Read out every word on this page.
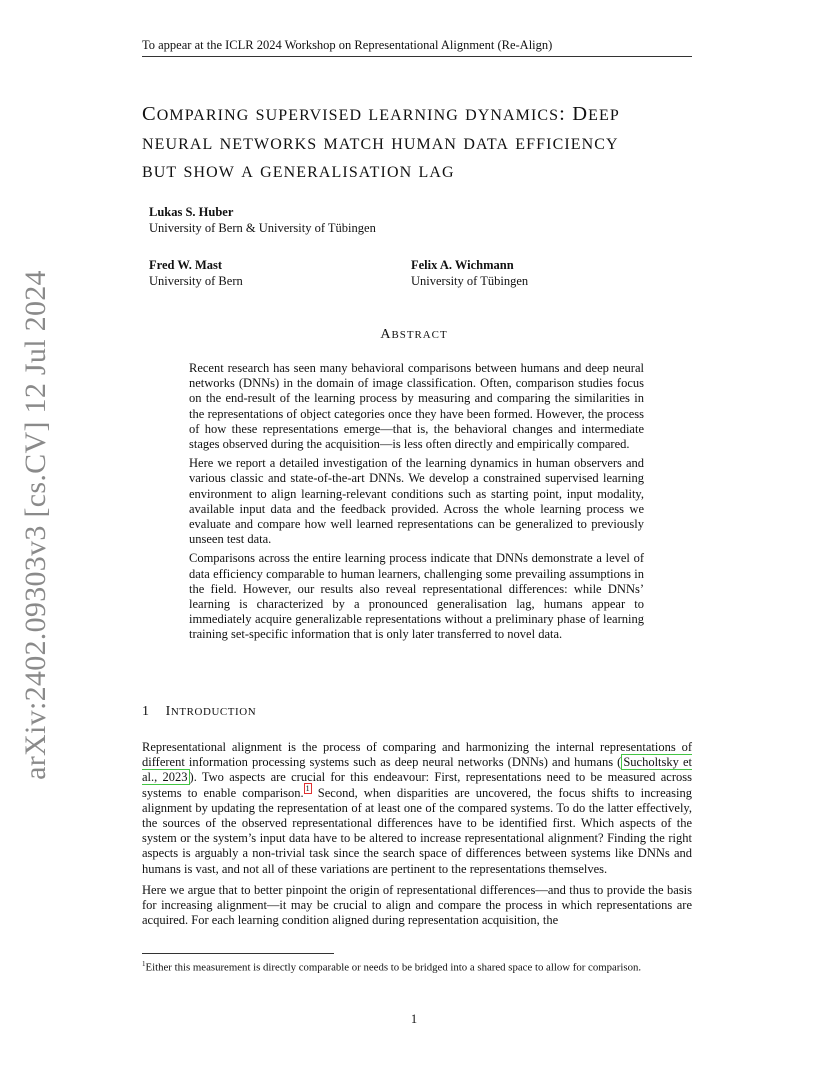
To appear at the ICLR 2024 Workshop on Representational Alignment (Re-Align)
arXiv:2402.09303v3 [cs.CV] 12 Jul 2024
COMPARING SUPERVISED LEARNING DYNAMICS: DEEP
NEURAL NETWORKS MATCH HUMAN DATA EFFICIENCY
BUT SHOW A GENERALISATION LAG
Lukas S. Huber
University of Bern & University of Tübingen
Fred W. Mast
University of Bern
Felix A. Wichmann
University of Tübingen
ABSTRACT

Recent research has seen many behavioral comparisons between humans and deep neural networks (DNNs) in the domain of image classification. Often, comparison studies focus on the end-result of the learning process by measuring and comparing the similarities in the representations of object categories once they have been formed. However, the process of how these representations emerge—that is, the behavioral changes and intermediate stages observed during the acquisition—is less often directly and empirically compared.

Here we report a detailed investigation of the learning dynamics in human observers and various classic and state-of-the-art DNNs. We develop a constrained supervised learning environment to align learning-relevant conditions such as starting point, input modality, available input data and the feedback provided. Across the whole learning process we evaluate and compare how well learned representations can be generalized to previously unseen test data.

Comparisons across the entire learning process indicate that DNNs demonstrate a level of data efficiency comparable to human learners, challenging some prevailing assumptions in the field. However, our results also reveal representational differences: while DNNs’ learning is characterized by a pronounced generalisation lag, humans appear to immediately acquire generalizable representations without a preliminary phase of learning training set-specific information that is only later transferred to novel data.

1 INTRODUCTION

Representational alignment is the process of comparing and harmonizing the internal representations of different information processing systems such as deep neural networks (DNNs) and humans ( Sucholtsky et al., 2023 ). Two aspects are crucial for this endeavour: First, representations need to be measured across systems to enable comparison. $^1$ Second, when disparities are uncovered, the focus shifts to increasing alignment by updating the representation of at least one of the compared systems. To do the latter effectively, the sources of the observed representational differences have to be identified first. Which aspects of the system or the system’s input data have to be altered to increase representational alignment? Finding the right aspects is arguably a non-trivial task since the search space of differences between systems like DNNs and humans is vast, and not all of these variations are pertinent to the representations themselves.

Here we argue that to better pinpoint the origin of representational differences—and thus to provide the basis for increasing alignment—it may be crucial to align and compare the process in which representations are acquired. For each learning condition aligned during representation acquisition, the

$^1$Either this measurement is directly comparable or needs to be bridged into a shared space to allow for comparison.
1
